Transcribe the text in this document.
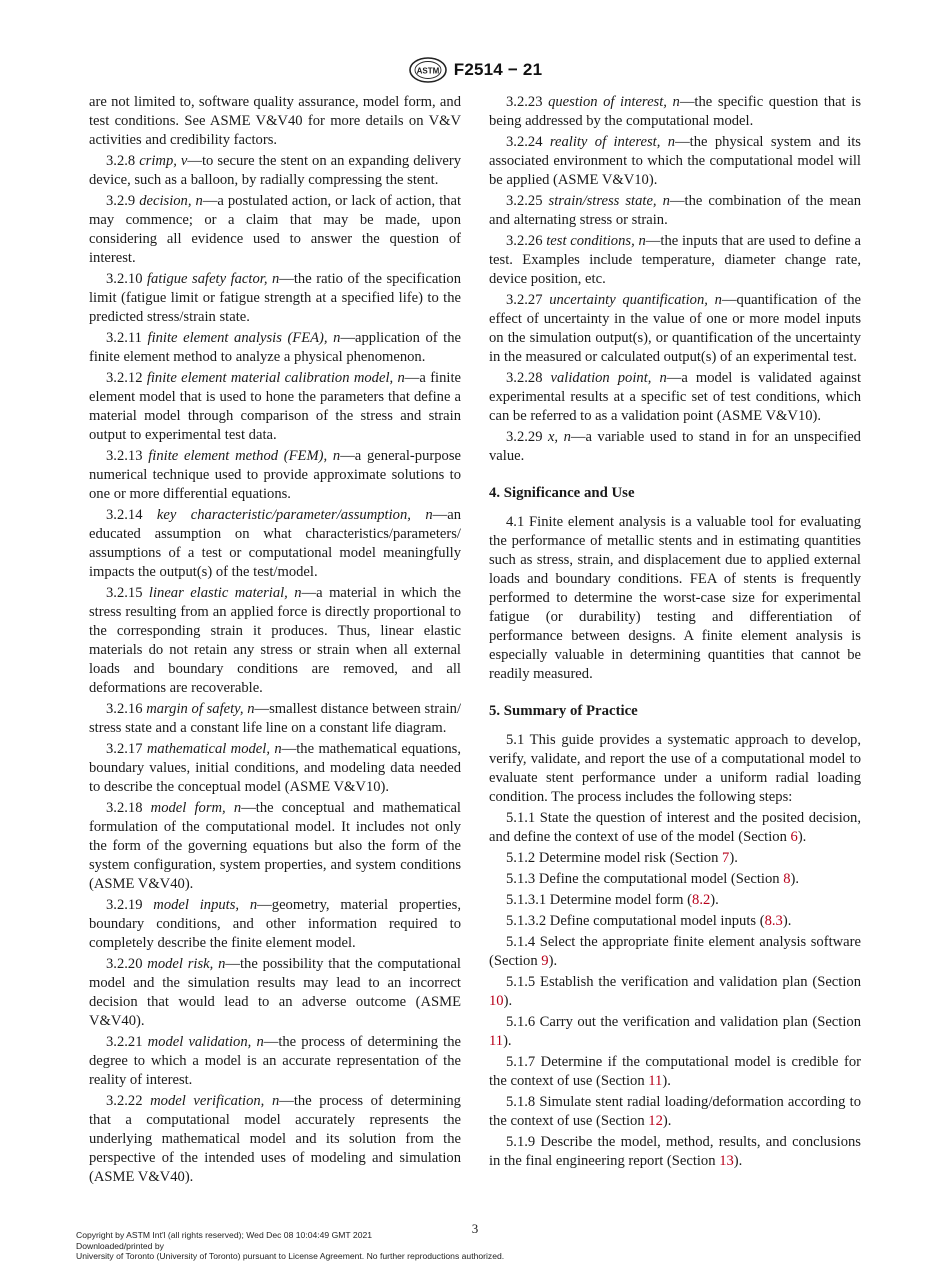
ASTM F2514 − 21

are not limited to, software quality assurance, model form, and test conditions. See ASME V&V40 for more details on V&V activities and credibility factors.

3.2.8 crimp, v—to secure the stent on an expanding delivery device, such as a balloon, by radially compressing the stent.

3.2.9 decision, n—a postulated action, or lack of action, that may commence; or a claim that may be made, upon considering all evidence used to answer the question of interest.

3.2.10 fatigue safety factor, n—the ratio of the specification limit (fatigue limit or fatigue strength at a specified life) to the predicted stress/strain state.

3.2.11 finite element analysis (FEA), n—application of the finite element method to analyze a physical phenomenon.

3.2.12 finite element material calibration model, n—a finite element model that is used to hone the parameters that define a material model through comparison of the stress and strain output to experimental test data.

3.2.13 finite element method (FEM), n—a general-purpose numerical technique used to provide approximate solutions to one or more differential equations.

3.2.14 key characteristic/parameter/assumption, n—an educated assumption on what characteristics/parameters/ assumptions of a test or computational model meaningfully impacts the output(s) of the test/model.

3.2.15 linear elastic material, n—a material in which the stress resulting from an applied force is directly proportional to the corresponding strain it produces. Thus, linear elastic materials do not retain any stress or strain when all external loads and boundary conditions are removed, and all deformations are recoverable.

3.2.16 margin of safety, n—smallest distance between strain/ stress state and a constant life line on a constant life diagram.

3.2.17 mathematical model, n—the mathematical equations, boundary values, initial conditions, and modeling data needed to describe the conceptual model (ASME V&V10).

3.2.18 model form, n—the conceptual and mathematical formulation of the computational model. It includes not only the form of the governing equations but also the form of the system configuration, system properties, and system conditions (ASME V&V40).

3.2.19 model inputs, n—geometry, material properties, boundary conditions, and other information required to completely describe the finite element model.

3.2.20 model risk, n—the possibility that the computational model and the simulation results may lead to an incorrect decision that would lead to an adverse outcome (ASME V&V40).

3.2.21 model validation, n—the process of determining the degree to which a model is an accurate representation of the reality of interest.

3.2.22 model verification, n—the process of determining that a computational model accurately represents the underlying mathematical model and its solution from the perspective of the intended uses of modeling and simulation (ASME V&V40).

3.2.23 question of interest, n—the specific question that is being addressed by the computational model.

3.2.24 reality of interest, n—the physical system and its associated environment to which the computational model will be applied (ASME V&V10).

3.2.25 strain/stress state, n—the combination of the mean and alternating stress or strain.

3.2.26 test conditions, n—the inputs that are used to define a test. Examples include temperature, diameter change rate, device position, etc.

3.2.27 uncertainty quantification, n—quantification of the effect of uncertainty in the value of one or more model inputs on the simulation output(s), or quantification of the uncertainty in the measured or calculated output(s) of an experimental test.

3.2.28 validation point, n—a model is validated against experimental results at a specific set of test conditions, which can be referred to as a validation point (ASME V&V10).

3.2.29 x, n—a variable used to stand in for an unspecified value.

4. Significance and Use

4.1 Finite element analysis is a valuable tool for evaluating the performance of metallic stents and in estimating quantities such as stress, strain, and displacement due to applied external loads and boundary conditions. FEA of stents is frequently performed to determine the worst-case size for experimental fatigue (or durability) testing and differentiation of performance between designs. A finite element analysis is especially valuable in determining quantities that cannot be readily measured.

5. Summary of Practice

5.1 This guide provides a systematic approach to develop, verify, validate, and report the use of a computational model to evaluate stent performance under a uniform radial loading condition. The process includes the following steps:

5.1.1 State the question of interest and the posited decision, and define the context of use of the model (Section 6).

5.1.2 Determine model risk (Section 7).

5.1.3 Define the computational model (Section 8).

5.1.3.1 Determine model form (8.2).

5.1.3.2 Define computational model inputs (8.3).

5.1.4 Select the appropriate finite element analysis software (Section 9).

5.1.5 Establish the verification and validation plan (Section 10).

5.1.6 Carry out the verification and validation plan (Section 11).

5.1.7 Determine if the computational model is credible for the context of use (Section 11).

5.1.8 Simulate stent radial loading/deformation according to the context of use (Section 12).

5.1.9 Describe the model, method, results, and conclusions in the final engineering report (Section 13).

3
Copyright by ASTM Int'l (all rights reserved); Wed Dec 08 10:04:49 GMT 2021
Downloaded/printed by
University of Toronto (University of Toronto) pursuant to License Agreement. No further reproductions authorized.
